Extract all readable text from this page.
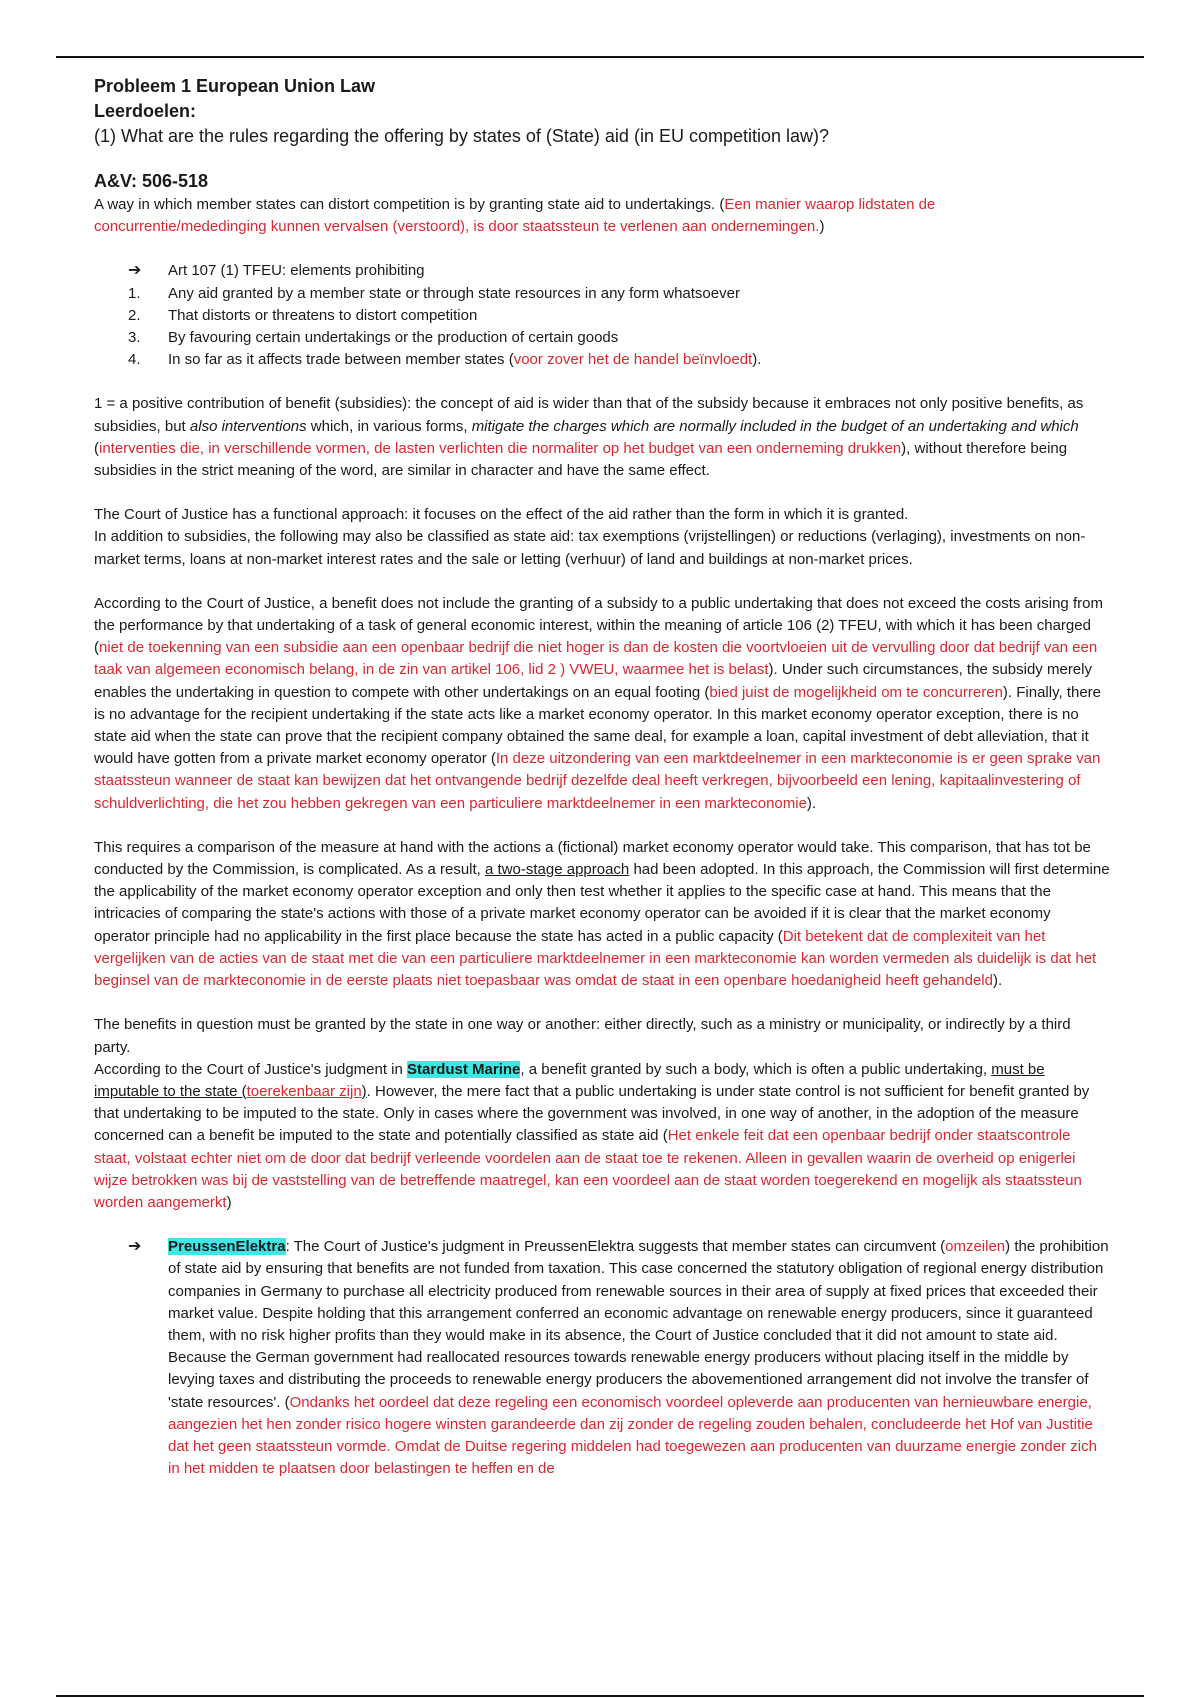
Probleem 1 European Union Law

Leerdoelen:

(1) What are the rules regarding the offering by states of (State) aid (in EU competition law)?

A&V: 506-518

A way in which member states can distort competition is by granting state aid to undertakings. (Een manier waarop lidstaten de concurrentie/mededinging kunnen vervalsen (verstoord), is door staatssteun te verlenen aan ondernemingen.)

➔	Art 107 (1) TFEU: elements prohibiting
1.	Any aid granted by a member state or through state resources in any form whatsoever
2.	That distorts or threatens to distort competition
3.	By favouring certain undertakings or the production of certain goods
4.	In so far as it affects trade between member states (voor zover het de handel beïnvloedt).

1 = a positive contribution of benefit (subsidies): the concept of aid is wider than that of the subsidy because it embraces not only positive benefits, as subsidies, but also interventions which, in various forms, mitigate the charges which are normally included in the budget of an undertaking and which (interventies die, in verschillende vormen, de lasten verlichten die normaliter op het budget van een onderneming drukken), without therefore being subsidies in the strict meaning of the word, are similar in character and have the same effect.

The Court of Justice has a functional approach: it focuses on the effect of the aid rather than the form in which it is granted.
In addition to subsidies, the following may also be classified as state aid: tax exemptions (vrijstellingen) or reductions (verlaging), investments on non-market terms, loans at non-market interest rates and the sale or letting (verhuur) of land and buildings at non-market prices.

According to the Court of Justice, a benefit does not include the granting of a subsidy to a public undertaking that does not exceed the costs arising from the performance by that undertaking of a task of general economic interest, within the meaning of article 106 (2) TFEU, with which it has been charged (niet de toekenning van een subsidie aan een openbaar bedrijf die niet hoger is dan de kosten die voortvloeien uit de vervulling door dat bedrijf van een taak van algemeen economisch belang, in de zin van artikel 106, lid 2 ) VWEU, waarmee het is belast). Under such circumstances, the subsidy merely enables the undertaking in question to compete with other undertakings on an equal footing (bied juist de mogelijkheid om te concurreren). Finally, there is no advantage for the recipient undertaking if the state acts like a market economy operator. In this market economy operator exception, there is no state aid when the state can prove that the recipient company obtained the same deal, for example a loan, capital investment of debt alleviation, that it would have gotten from a private market economy operator (In deze uitzondering van een marktdeelnemer in een markteconomie is er geen sprake van staatssteun wanneer de staat kan bewijzen dat het ontvangende bedrijf dezelfde deal heeft verkregen, bijvoorbeeld een lening, kapitaalinvestering of schuldverlichting, die het zou hebben gekregen van een particuliere marktdeelnemer in een markteconomie).

This requires a comparison of the measure at hand with the actions a (fictional) market economy operator would take. This comparison, that has tot be conducted by the Commission, is complicated. As a result, a two-stage approach had been adopted. In this approach, the Commission will first determine the applicability of the market economy operator exception and only then test whether it applies to the specific case at hand. This means that the intricacies of comparing the state's actions with those of a private market economy operator can be avoided if it is clear that the market economy operator principle had no applicability in the first place because the state has acted in a public capacity (Dit betekent dat de complexiteit van het vergelijken van de acties van de staat met die van een particuliere marktdeelnemer in een markteconomie kan worden vermeden als duidelijk is dat het beginsel van de markteconomie in de eerste plaats niet toepasbaar was omdat de staat in een openbare hoedanigheid heeft gehandeld).

The benefits in question must be granted by the state in one way or another: either directly, such as a ministry or municipality, or indirectly by a third party.
According to the Court of Justice's judgment in Stardust Marine, a benefit granted by such a body, which is often a public undertaking, must be imputable to the state (toerekenbaar zijn). However, the mere fact that a public undertaking is under state control is not sufficient for benefit granted by that undertaking to be imputed to the state. Only in cases where the government was involved, in one way of another, in the adoption of the measure concerned can a benefit be imputed to the state and potentially classified as state aid (Het enkele feit dat een openbaar bedrijf onder staatscontrole staat, volstaat echter niet om de door dat bedrijf verleende voordelen aan de staat toe te rekenen. Alleen in gevallen waarin de overheid op enigerlei wijze betrokken was bij de vaststelling van de betreffende maatregel, kan een voordeel aan de staat worden toegerekend en mogelijk als staatssteun worden aangemerkt)

➔ PreussenElektra: The Court of Justice's judgment in PreussenElektra suggests that member states can circumvent (omzeilen) the prohibition of state aid by ensuring that benefits are not funded from taxation. This case concerned the statutory obligation of regional energy distribution companies in Germany to purchase all electricity produced from renewable sources in their area of supply at fixed prices that exceeded their market value. Despite holding that this arrangement conferred an economic advantage on renewable energy producers, since it guaranteed them, with no risk higher profits than they would make in its absence, the Court of Justice concluded that it did not amount to state aid. Because the German government had reallocated resources towards renewable energy producers without placing itself in the middle by levying taxes and distributing the proceeds to renewable energy producers the abovementioned arrangement did not involve the transfer of 'state resources'. (Ondanks het oordeel dat deze regeling een economisch voordeel opleverde aan producenten van hernieuwbare energie, aangezien het hen zonder risico hogere winsten garandeerde dan zij zonder de regeling zouden behalen, concludeerde het Hof van Justitie dat het geen staatssteun vormde. Omdat de Duitse regering middelen had toegewezen aan producenten van duurzame energie zonder zich in het midden te plaatsen door belastingen te heffen en de
